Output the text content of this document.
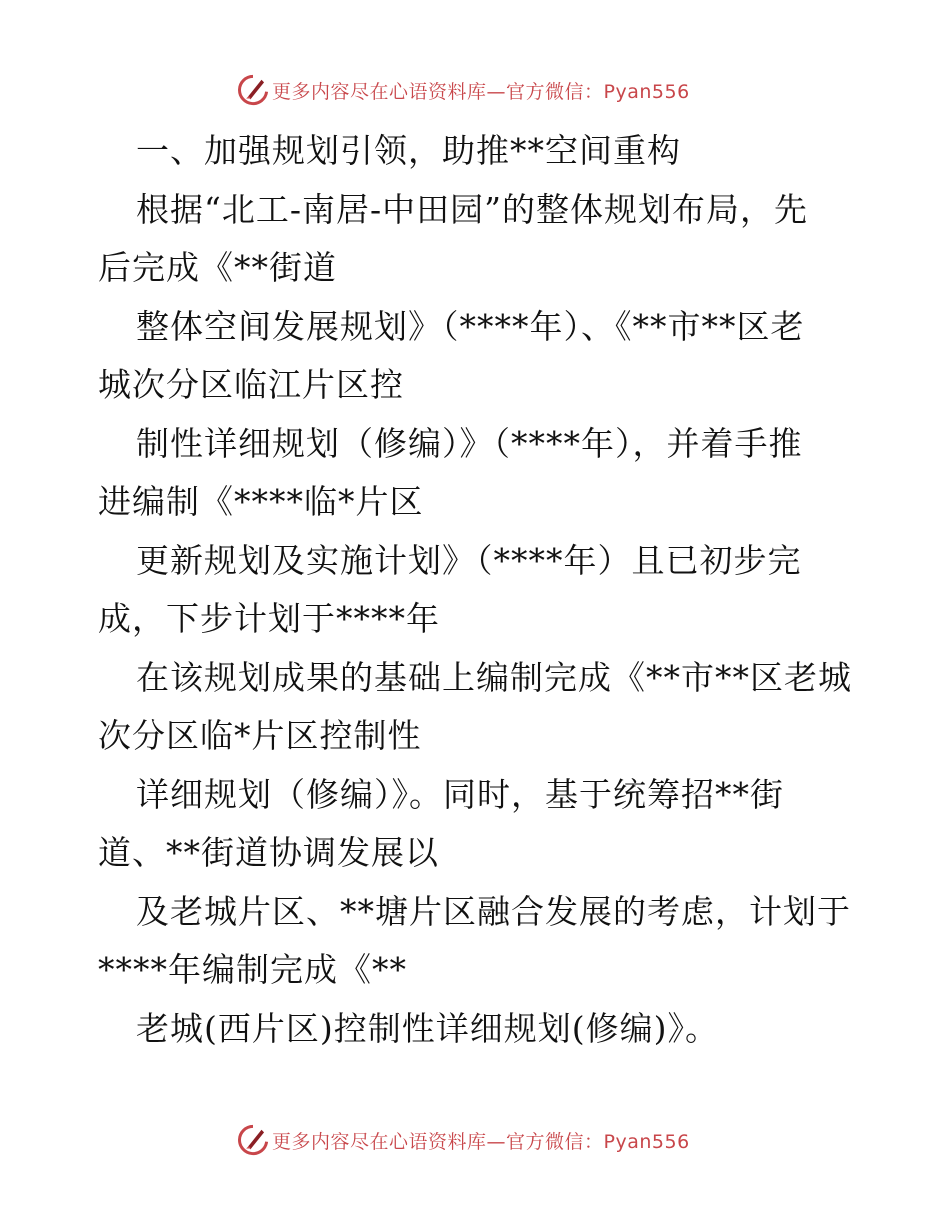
更多内容尽在心语资料库—官方微信：Pyan556
一、加强规划引领，助推**空间重构
根据“北工-南居-中田园”的整体规划布局，先
后完成《**街道
整体空间发展规划》（****年）、《**市**区老
城次分区临江片区控
制性详细规划（修编）》（****年），并着手推
进编制《****临*片区
更新规划及实施计划》（****年）且已初步完
成，下步计划于****年
在该规划成果的基础上编制完成《**市**区老城
次分区临*片区控制性
详细规划（修编）》。同时，基于统筹招**街
道、**街道协调发展以
及老城片区、**塘片区融合发展的考虑，计划于
****年编制完成《**
老城(西片区)控制性详细规划(修编)》。
更多内容尽在心语资料库—官方微信：Pyan556
